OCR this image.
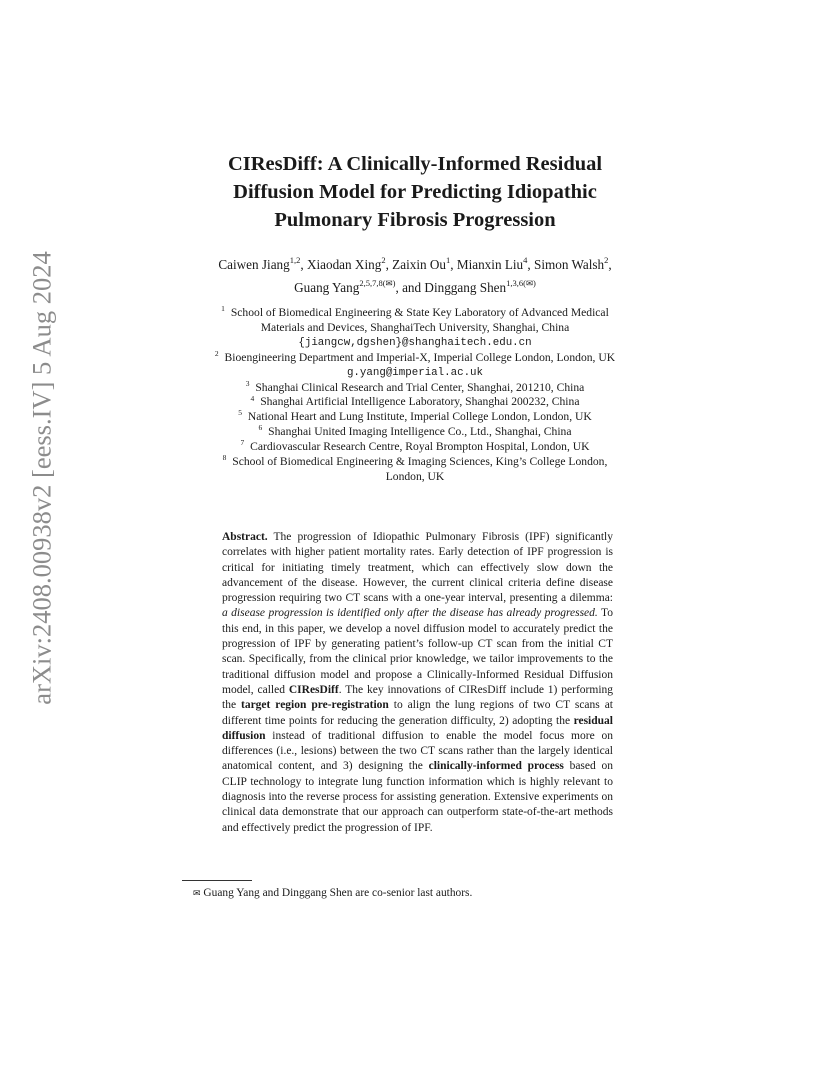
arXiv:2408.00938v2 [eess.IV] 5 Aug 2024
CIResDiff: A Clinically-Informed Residual
Diffusion Model for Predicting Idiopathic
Pulmonary Fibrosis Progression
Caiwen Jiang$^{1,2}$, Xiaodan Xing$^2$, Zaixin Ou$^1$, Mianxin Liu$^4$, Simon Walsh$^2$,
Guang Yang$^{2,5,7,8(✉)}$, and Dinggang Shen$^{1,3,6(✉)}$
$^1$ School of Biomedical Engineering & State Key Laboratory of Advanced Medical
Materials and Devices, ShanghaiTech University, Shanghai, China
{jiangcw,dgshen}@shanghaitech.edu.cn
$^2$ Bioengineering Department and Imperial-X, Imperial College London, London, UK
g.yang@imperial.ac.uk
$^3$ Shanghai Clinical Research and Trial Center, Shanghai, 201210, China
$^4$ Shanghai Artificial Intelligence Laboratory, Shanghai 200232, China
$^5$ National Heart and Lung Institute, Imperial College London, London, UK
$^6$ Shanghai United Imaging Intelligence Co., Ltd., Shanghai, China
$^7$ Cardiovascular Research Centre, Royal Brompton Hospital, London, UK
$^8$ School of Biomedical Engineering & Imaging Sciences, King’s College London,
London, UK
Abstract. The progression of Idiopathic Pulmonary Fibrosis (IPF) significantly correlates with higher patient mortality rates. Early detection of IPF progression is critical for initiating timely treatment, which can effectively slow down the advancement of the disease. However, the current clinical criteria define disease progression requiring two CT scans with a one-year interval, presenting a dilemma: a disease progression is identified only after the disease has already progressed. To this end, in this paper, we develop a novel diffusion model to accurately predict the progression of IPF by generating patient’s follow-up CT scan from the initial CT scan. Specifically, from the clinical prior knowledge, we tailor improvements to the traditional diffusion model and propose a Clinically-Informed Residual Diffusion model, called CIResDiff. The key innovations of CIResDiff include 1) performing the target region pre-registration to align the lung regions of two CT scans at different time points for reducing the generation difficulty, 2) adopting the residual diffusion instead of traditional diffusion to enable the model focus more on differences (i.e., lesions) between the two CT scans rather than the largely identical anatomical content, and 3) designing the clinically-informed process based on CLIP technology to integrate lung function information which is highly relevant to diagnosis into the reverse process for assisting generation. Extensive experiments on clinical data demonstrate that our approach can outperform state-of-the-art methods and effectively predict the progression of IPF.
✉ Guang Yang and Dinggang Shen are co-senior last authors.
